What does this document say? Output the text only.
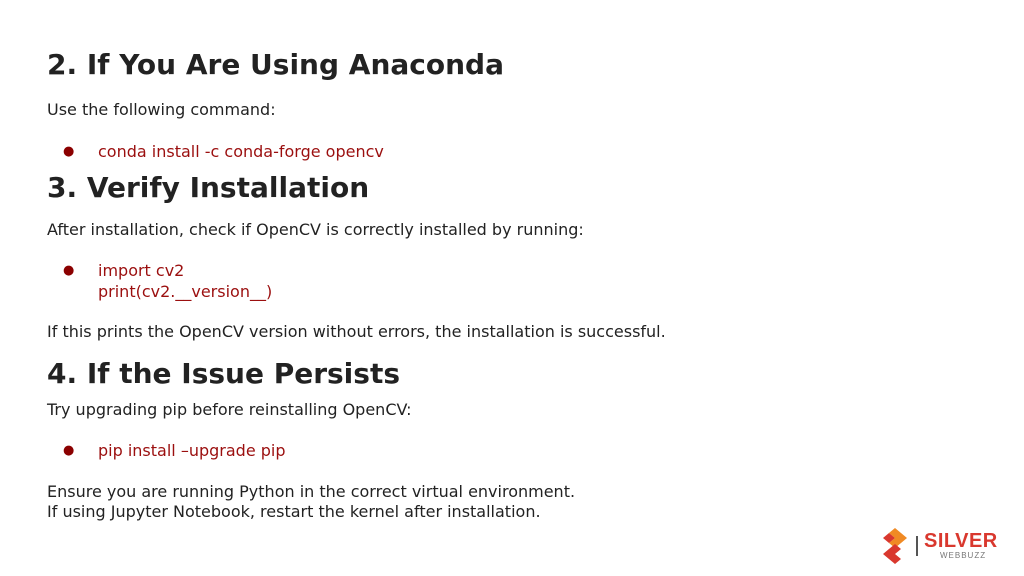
2. If You Are Using Anaconda

Use the following command:

● conda install -c conda-forge opencv

3. Verify Installation

After installation, check if OpenCV is correctly installed by running:

● import cv2

print(cv2.__version__)

If this prints the OpenCV version without errors, the installation is successful.

4. If the Issue Persists

Try upgrading pip before reinstalling OpenCV:

● pip install –upgrade pip

Ensure you are running Python in the correct virtual environment.

If using Jupyter Notebook, restart the kernel after installation.

SILVER
WEBBUZZ
